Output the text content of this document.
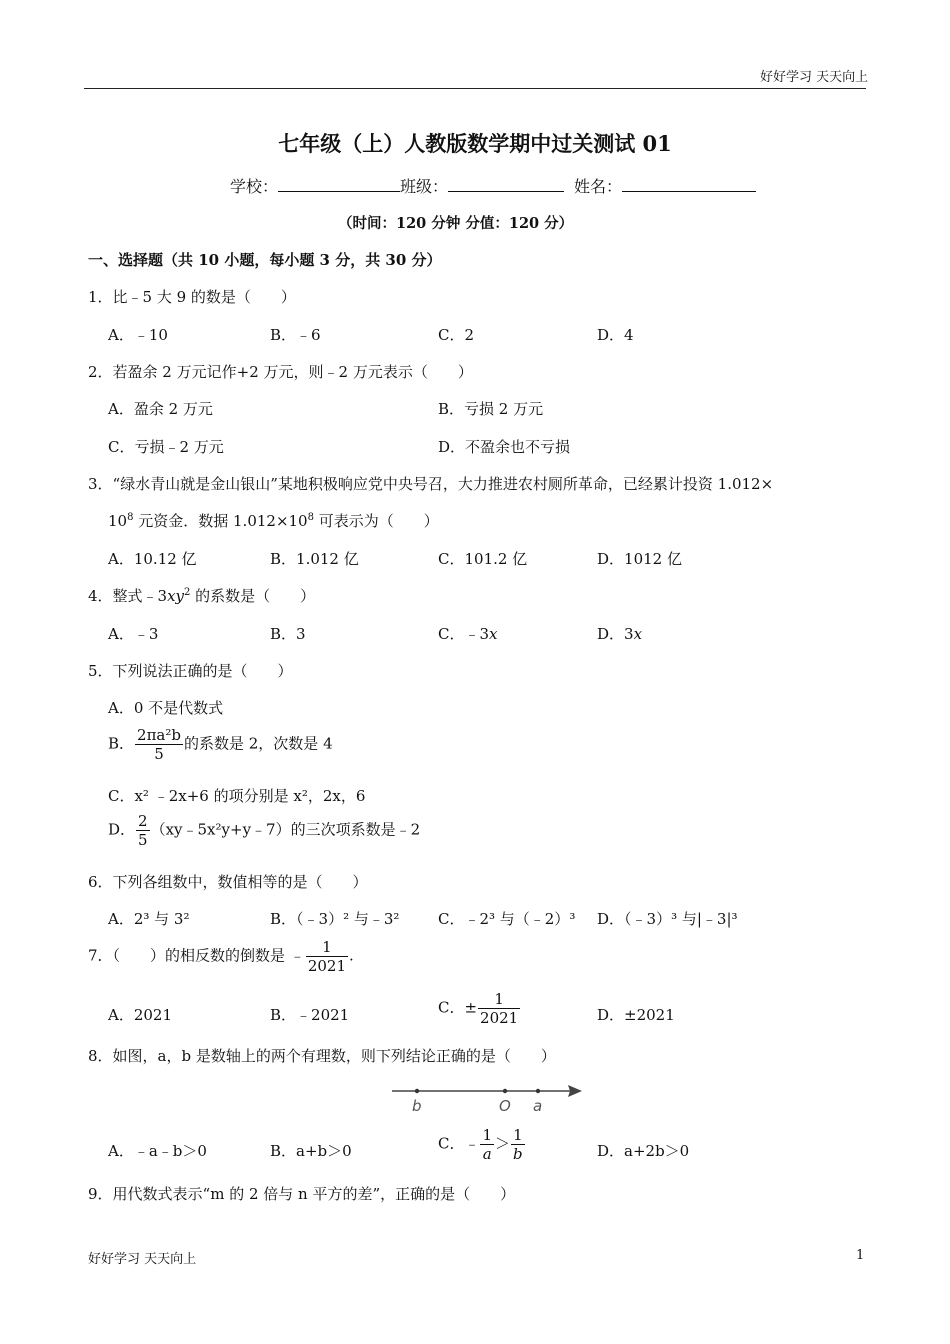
好好学习 天天向上
七年级（上）人教版数学期中过关测试 01
学校：	班级：	姓名：
（时间：120 分钟 分值：120 分）
一、选择题（共 10 小题，每小题 3 分，共 30 分）
1．比﹣5 大 9 的数是（　　）
A．﹣10	B．﹣6	C．2	D．4
2．若盈余 2 万元记作+2 万元，则﹣2 万元表示（　　）
A．盈余 2 万元	B．亏损 2 万元
C．亏损﹣2 万元	D．不盈余也不亏损
3．“绿水青山就是金山银山”某地积极响应党中央号召，大力推进农村厕所革命，已经累计投资 1.012×
$10^8$ 元资金．数据 $1.012\times 10^8$ 可表示为（　　）
A．10.12 亿	B．1.012 亿	C．101.2 亿	D．1012 亿
4．整式$﹣3xy^2$ 的系数是（　　）
A．﹣3	B．3	C．﹣3x	D．3x
5．下列说法正确的是（　　）
A．0 不是代数式
B． $\frac{\text{2πa²b}}{5}$ 的系数是 2，次数是 4
C．x² ﹣2x+6 的项分别是 x²，2x，6
D． $\frac{2}{5}$ （xy﹣5x²y+y﹣7）的三次项系数是﹣2
6．下列各组数中，数值相等的是（　　）
A．2³ 与 3²	B．（﹣3）² 与﹣3²	C．﹣2³ 与（﹣2）³ D．（﹣3）³ 与|﹣3|³
7．（　　）的相反数的倒数是 ﹣ $\frac{1}{2021}$ .
A．2021	B．﹣2021	C．± $\frac{1}{2021}$	D．±2021
8．如图，a，b 是数轴上的两个有理数，则下列结论正确的是（　　）
b	O a
A．﹣a﹣b＞0	B．a+b＞0	C．﹣ $\frac{1}{a} > \frac{1}{b}$	D．a+2b＞0
9．用代数式表示“m 的 2 倍与 n 平方的差”，正确的是（　　）
好好学习 天天向上	1
